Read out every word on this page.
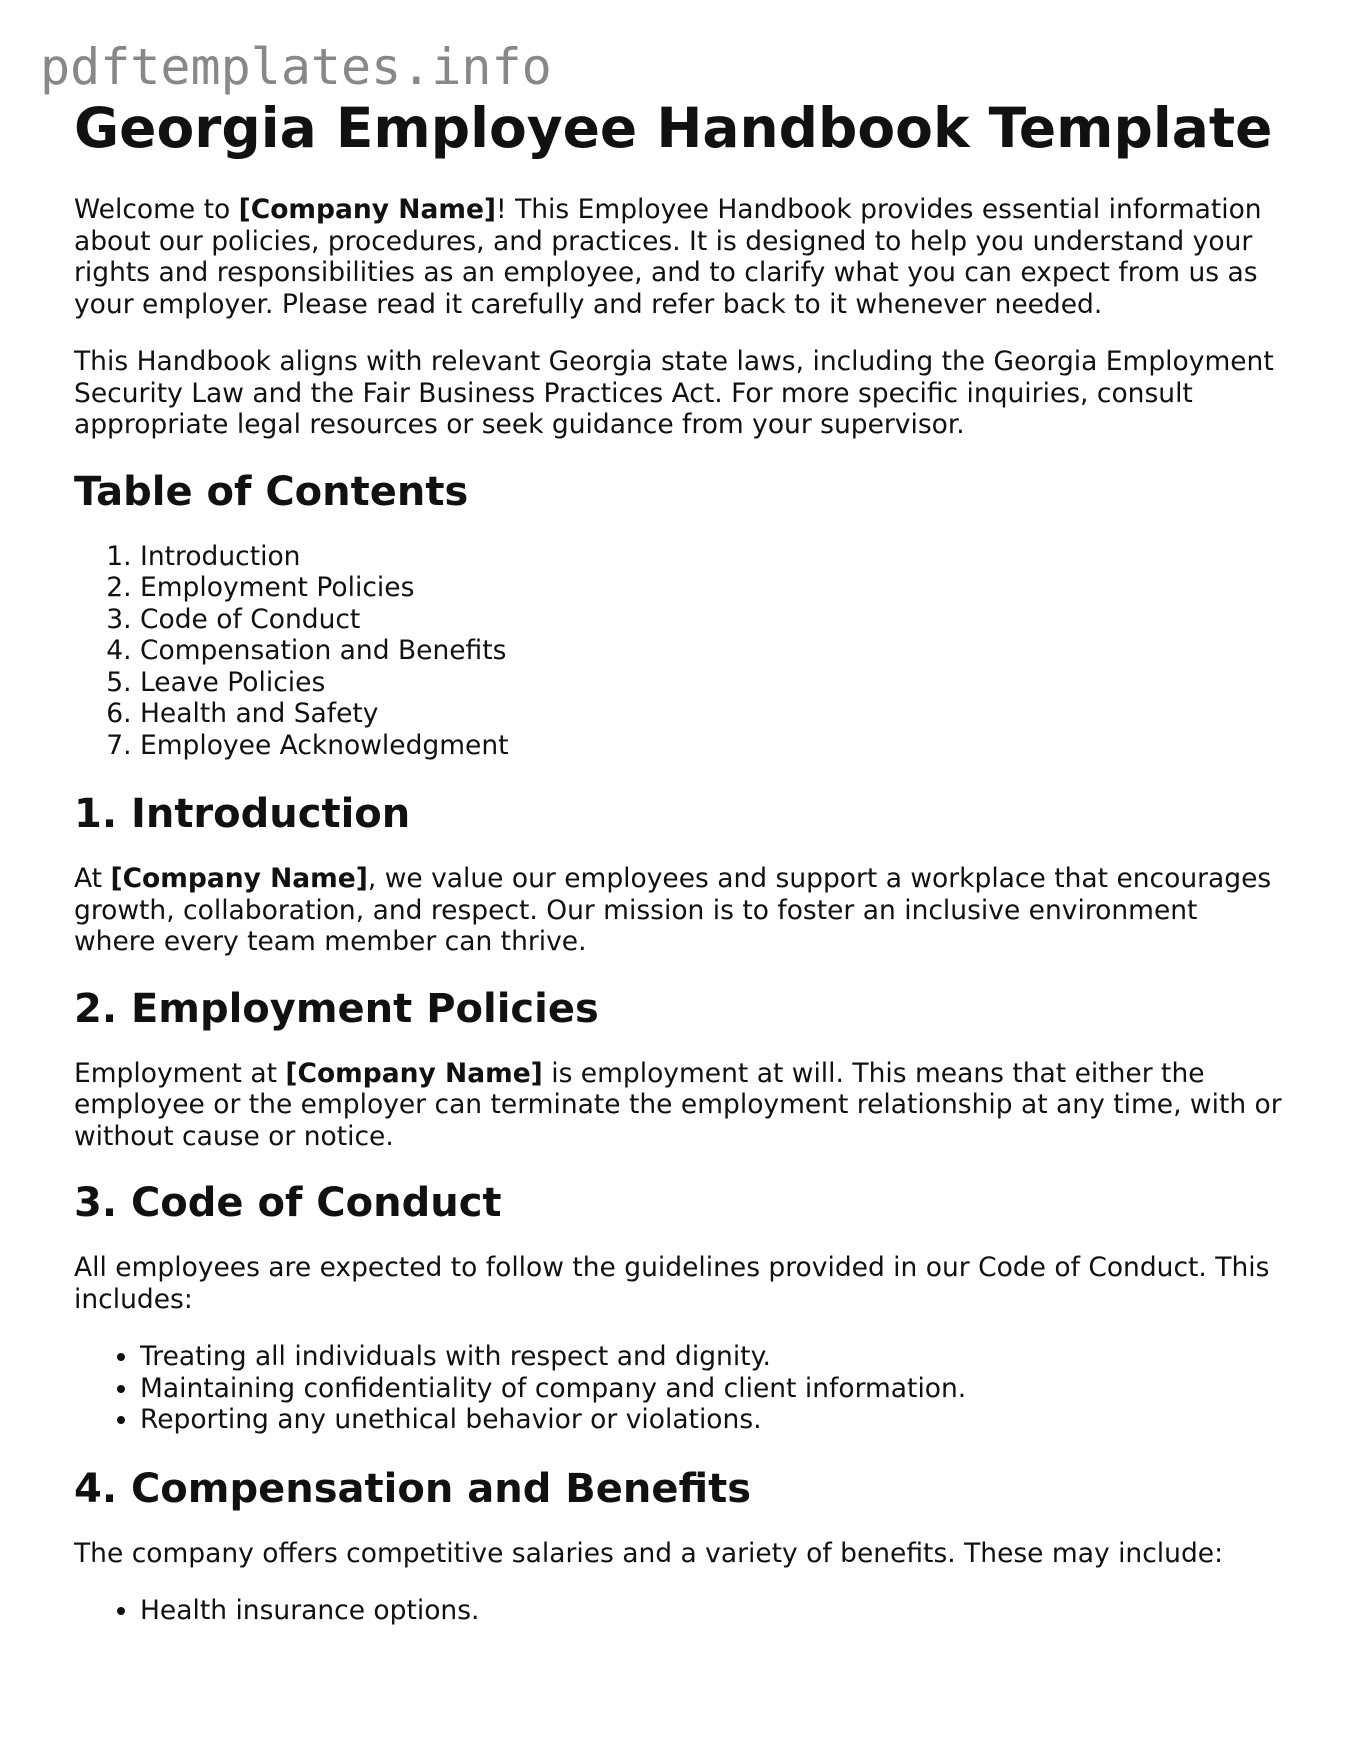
pdftemplates.info
Georgia Employee Handbook Template

Welcome to [Company Name]! This Employee Handbook provides essential information about our policies, procedures, and practices. It is designed to help you understand your rights and responsibilities as an employee, and to clarify what you can expect from us as your employer. Please read it carefully and refer back to it whenever needed.

This Handbook aligns with relevant Georgia state laws, including the Georgia Employment Security Law and the Fair Business Practices Act. For more specific inquiries, consult appropriate legal resources or seek guidance from your supervisor.

Table of Contents
1. Introduction
2. Employment Policies
3. Code of Conduct
4. Compensation and Benefits
5. Leave Policies
6. Health and Safety
7. Employee Acknowledgment
1. Introduction

At [Company Name], we value our employees and support a workplace that encourages growth, collaboration, and respect. Our mission is to foster an inclusive environment where every team member can thrive.

2. Employment Policies

Employment at [Company Name] is employment at will. This means that either the employee or the employer can terminate the employment relationship at any time, with or without cause or notice.

3. Code of Conduct

All employees are expected to follow the guidelines provided in our Code of Conduct. This includes:

• Treating all individuals with respect and dignity.
• Maintaining confidentiality of company and client information.
• Reporting any unethical behavior or violations.
4. Compensation and Benefits

The company offers competitive salaries and a variety of benefits. These may include:

• Health insurance options.
